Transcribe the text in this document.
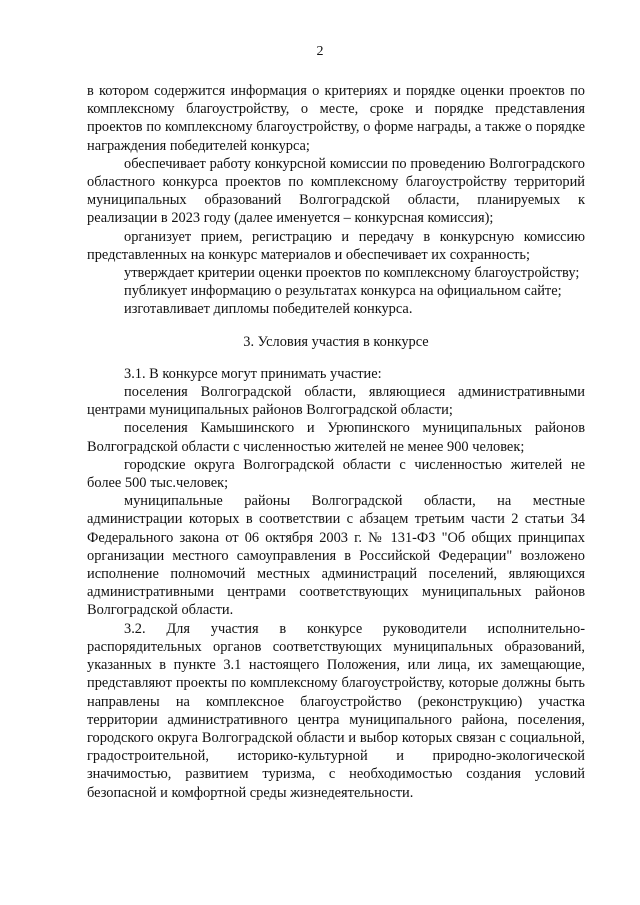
2

в котором содержится информация о критериях и порядке оценки проектов по комплексному благоустройству, о месте, сроке и порядке представления проектов по комплексному благоустройству, о форме награды, а также о порядке награждения победителей конкурса;

обеспечивает работу конкурсной комиссии по проведению Волгоградского областного конкурса проектов по комплексному благоустройству территорий муниципальных образований Волгоградской области, планируемых к реализации в 2023 году (далее именуется – конкурсная комиссия);

организует прием, регистрацию и передачу в конкурсную комиссию представленных на конкурс материалов и обеспечивает их сохранность;

утверждает критерии оценки проектов по комплексному благоустройству;

публикует информацию о результатах конкурса на официальном сайте;

изготавливает дипломы победителей конкурса.

3. Условия участия в конкурсе

3.1. В конкурсе могут принимать участие:

поселения Волгоградской области, являющиеся административными центрами муниципальных районов Волгоградской области;

поселения Камышинского и Урюпинского муниципальных районов Волгоградской области с численностью жителей не менее 900 человек;

городские округа Волгоградской области с численностью жителей не более 500 тыс.человек;

муниципальные районы Волгоградской области, на местные администрации которых в соответствии с абзацем третьим части 2 статьи 34 Федерального закона от 06 октября 2003 г. № 131-ФЗ "Об общих принципах организации местного самоуправления в Российской Федерации" возложено исполнение полномочий местных администраций поселений, являющихся административными центрами соответствующих муниципальных районов Волгоградской области.

3.2. Для участия в конкурсе руководители исполнительно-распорядительных органов соответствующих муниципальных образований, указанных в пункте 3.1 настоящего Положения, или лица, их замещающие, представляют проекты по комплексному благоустройству, которые должны быть направлены на комплексное благоустройство (реконструкцию) участка территории административного центра муниципального района, поселения, городского округа Волгоградской области и выбор которых связан с социальной, градостроительной, историко-культурной и природно-экологической значимостью, развитием туризма, с необходимостью создания условий безопасной и комфортной среды жизнедеятельности.
